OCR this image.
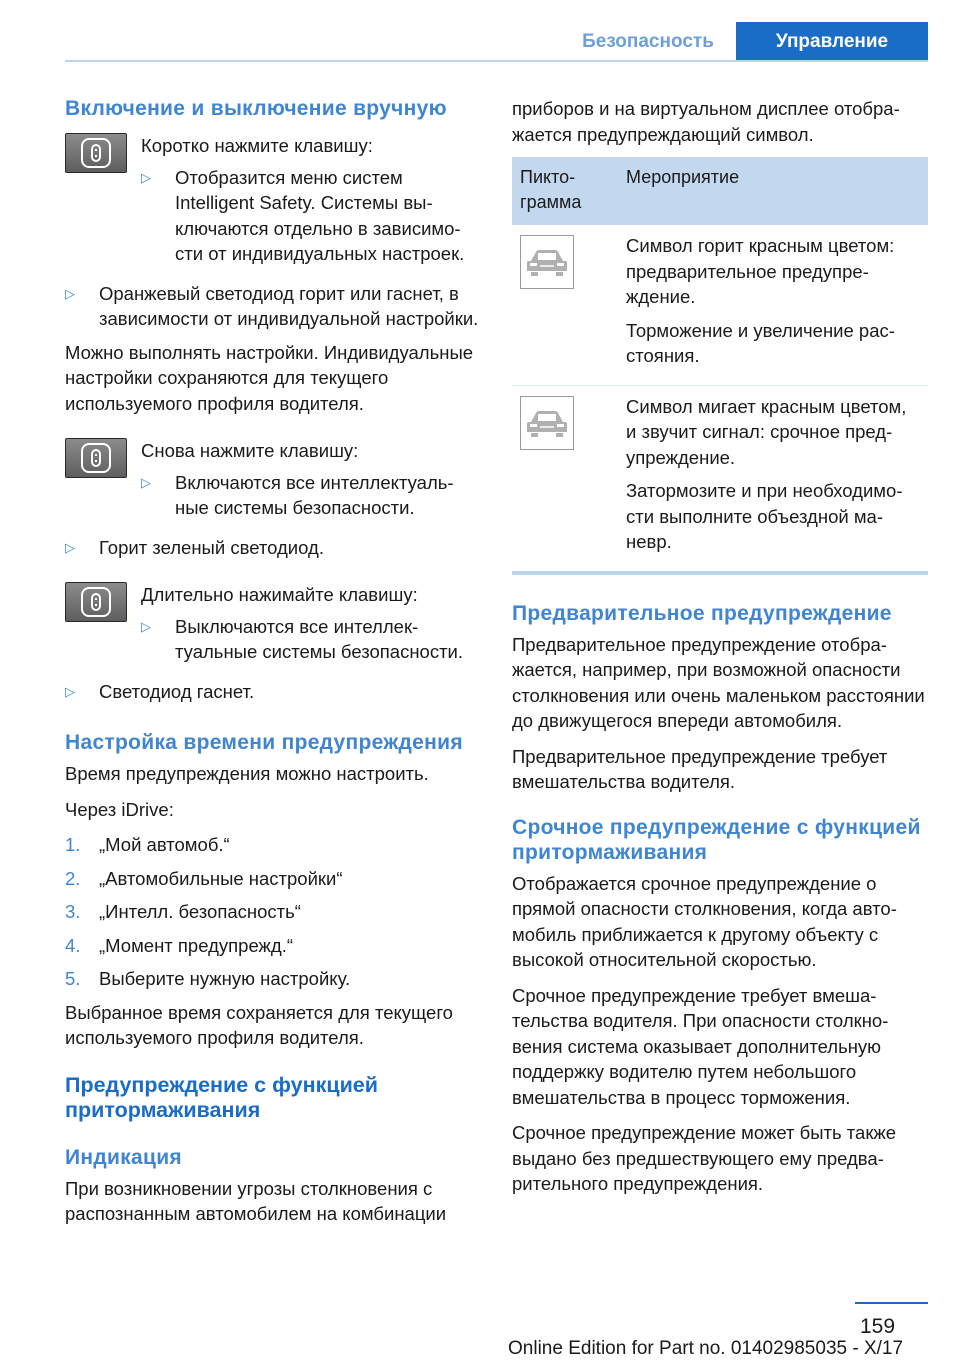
Безопасность	Управление
Включение и выключение вручную

Коротко нажмите клавишу:

▷	Отобразится меню систем Intelligent Safety. Системы выключаются отдельно в зависимости от индивидуальных настроек.
▷	Оранжевый светодиод горит или гаснет, в зависимости от индивидуальной настройки.

Можно выполнять настройки. Индивидуальные настройки сохраняются для текущего используемого профиля водителя.

Снова нажмите клавишу:

▷	Включаются все интеллектуальные системы безопасности.
▷	Горит зеленый светодиод.

Длительно нажимайте клавишу:

▷	Выключаются все интеллектуальные системы безопасности.
▷	Светодиод гаснет.
Настройка времени предупреждения

Время предупреждения можно настроить.

Через iDrive:

1.	„Мой автомоб.“
2.	„Автомобильные настройки“
3.	„Интелл. безопасность“
4.	„Момент предупрежд.“
5.	Выберите нужную настройку.

Выбранное время сохраняется для текущего используемого профиля водителя.

Предупреждение с функцией притормаживания
Индикация

При возникновении угрозы столкновения с распознанным автомобилем на комбинации

приборов и на виртуальном дисплее отображается предупреждающий символ.

Пиктограмма	Мероприятие

Символ горит красным цветом: предварительное предупреждение.

Торможение и увеличение расстояния.

Символ мигает красным цветом, и звучит сигнал: срочное предупреждение.

Затормозите и при необходимости выполните объездной маневр.

Предварительное предупреждение

Предварительное предупреждение отображается, например, при возможной опасности столкновения или очень маленьком расстоянии до движущегося впереди автомобиля.

Предварительное предупреждение требует вмешательства водителя.

Срочное предупреждение с функцией притормаживания

Отображается срочное предупреждение о прямой опасности столкновения, когда автомобиль приближается к другому объекту с высокой относительной скоростью.

Срочное предупреждение требует вмешательства водителя. При опасности столкновения система оказывает дополнительную поддержку водителю путем небольшого вмешательства в процесс торможения.

Срочное предупреждение может быть также выдано без предшествующего ему предварительного предупреждения.

159
Online Edition for Part no. 01402985035 - X/17
